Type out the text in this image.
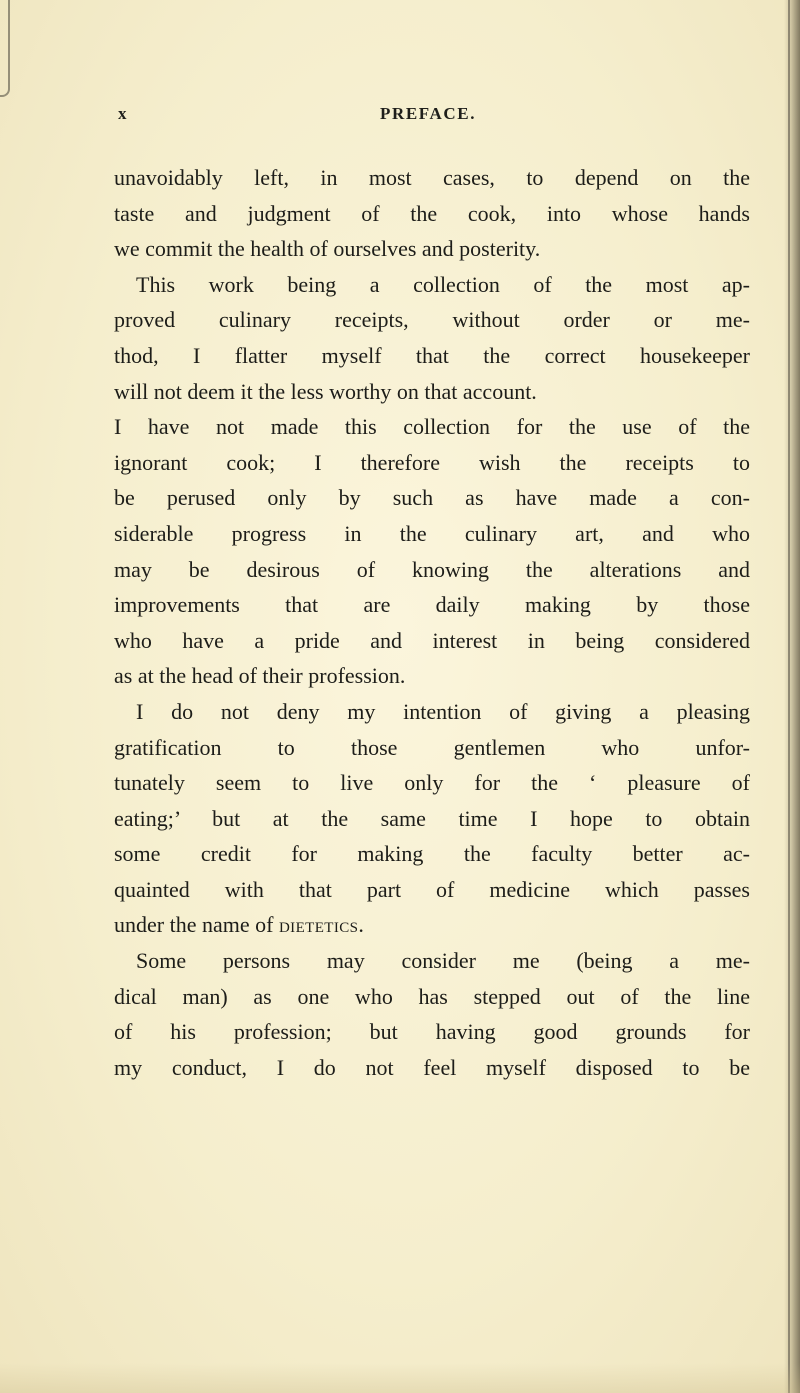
x	PREFACE.
unavoidably left, in most cases, to depend on the
taste and judgment of the cook, into whose hands
we commit the health of ourselves and posterity.
This work being a collection of the most ap-
proved culinary receipts, without order or me-
thod, I flatter myself that the correct housekeeper
will not deem it the less worthy on that account.
I have not made this collection for the use of the
ignorant cook; I therefore wish the receipts to
be perused only by such as have made a con-
siderable progress in the culinary art, and who
may be desirous of knowing the alterations and
improvements that are daily making by those
who have a pride and interest in being considered
as at the head of their profession.
I do not deny my intention of giving a pleasing
gratification to those gentlemen who unfor-
tunately seem to live only for the ‘ pleasure of
eating;’ but at the same time I hope to obtain
some credit for making the faculty better ac-
quainted with that part of medicine which passes
under the name of dietetics.
Some persons may consider me (being a me-
dical man) as one who has stepped out of the line
of his profession; but having good grounds for
my conduct, I do not feel myself disposed to be
